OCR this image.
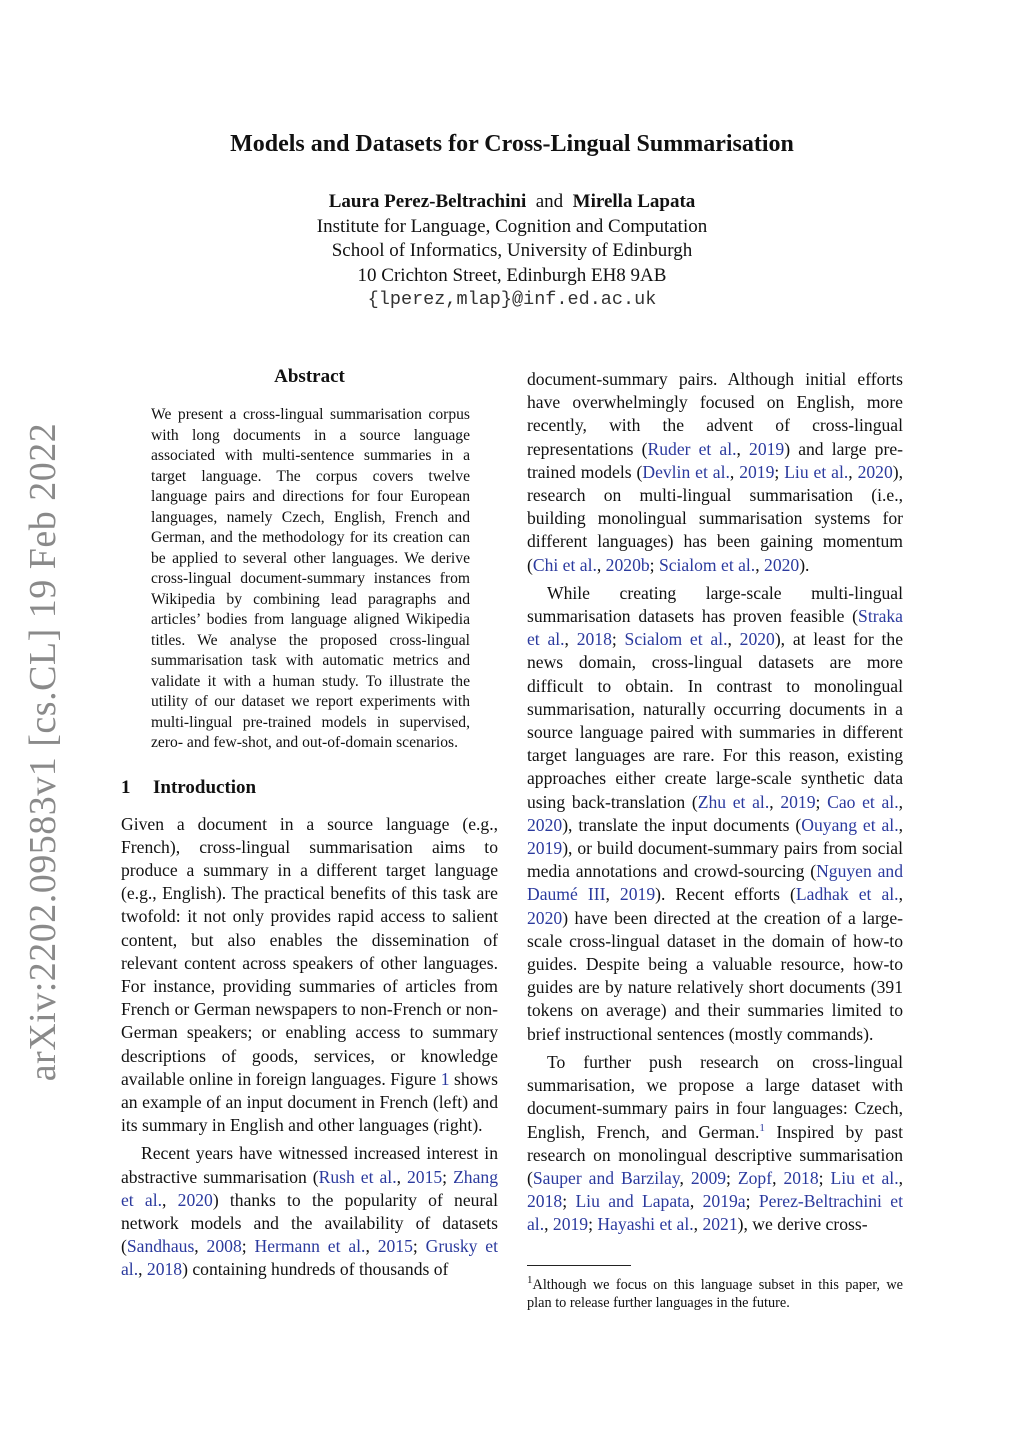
arXiv:2202.09583v1 [cs.CL] 19 Feb 2022
Models and Datasets for Cross-Lingual Summarisation
Laura Perez-Beltrachini and Mirella Lapata
Institute for Language, Cognition and Computation
School of Informatics, University of Edinburgh
10 Crichton Street, Edinburgh EH8 9AB
{lperez,mlap}@inf.ed.ac.uk
Abstract
We present a cross-lingual summarisation corpus with long documents in a source language associated with multi-sentence summaries in a target language. The corpus covers twelve language pairs and directions for four European languages, namely Czech, English, French and German, and the methodology for its creation can be applied to several other languages. We derive cross-lingual document-summary instances from Wikipedia by combining lead paragraphs and articles’ bodies from language aligned Wikipedia titles. We analyse the proposed cross-lingual summarisation task with automatic metrics and validate it with a human study. To illustrate the utility of our dataset we report experiments with multi-lingual pre-trained models in supervised, zero- and few-shot, and out-of-domain scenarios.
1 Introduction

Given a document in a source language (e.g., French), cross-lingual summarisation aims to produce a summary in a different target language (e.g., English). The practical benefits of this task are twofold: it not only provides rapid access to salient content, but also enables the dissemination of relevant content across speakers of other languages. For instance, providing summaries of articles from French or German newspapers to non-French or non-German speakers; or enabling access to summary descriptions of goods, services, or knowledge available online in foreign languages. Figure 1 shows an example of an input document in French (left) and its summary in English and other languages (right).

Recent years have witnessed increased interest in abstractive summarisation (Rush et al., 2015; Zhang et al., 2020) thanks to the popularity of neural network models and the availability of datasets (Sandhaus, 2008; Hermann et al., 2015; Grusky et al., 2018) containing hundreds of thousands of

document-summary pairs. Although initial efforts have overwhelmingly focused on English, more recently, with the advent of cross-lingual representations (Ruder et al., 2019) and large pre-trained models (Devlin et al., 2019; Liu et al., 2020), research on multi-lingual summarisation (i.e., building monolingual summarisation systems for different languages) has been gaining momentum (Chi et al., 2020b; Scialom et al., 2020).

While creating large-scale multi-lingual summarisation datasets has proven feasible (Straka et al., 2018; Scialom et al., 2020), at least for the news domain, cross-lingual datasets are more difficult to obtain. In contrast to monolingual summarisation, naturally occurring documents in a source language paired with summaries in different target languages are rare. For this reason, existing approaches either create large-scale synthetic data using back-translation (Zhu et al., 2019; Cao et al., 2020), translate the input documents (Ouyang et al., 2019), or build document-summary pairs from social media annotations and crowd-sourcing (Nguyen and Daumé III, 2019). Recent efforts (Ladhak et al., 2020) have been directed at the creation of a large-scale cross-lingual dataset in the domain of how-to guides. Despite being a valuable resource, how-to guides are by nature relatively short documents (391 tokens on average) and their summaries limited to brief instructional sentences (mostly commands).

To further push research on cross-lingual summarisation, we propose a large dataset with document-summary pairs in four languages: Czech, English, French, and German.$^1$ Inspired by past research on monolingual descriptive summarisation (Sauper and Barzilay, 2009; Zopf, 2018; Liu et al., 2018; Liu and Lapata, 2019a; Perez-Beltrachini et al., 2019; Hayashi et al., 2021), we derive cross-

$^1$Although we focus on this language subset in this paper, we plan to release further languages in the future.
